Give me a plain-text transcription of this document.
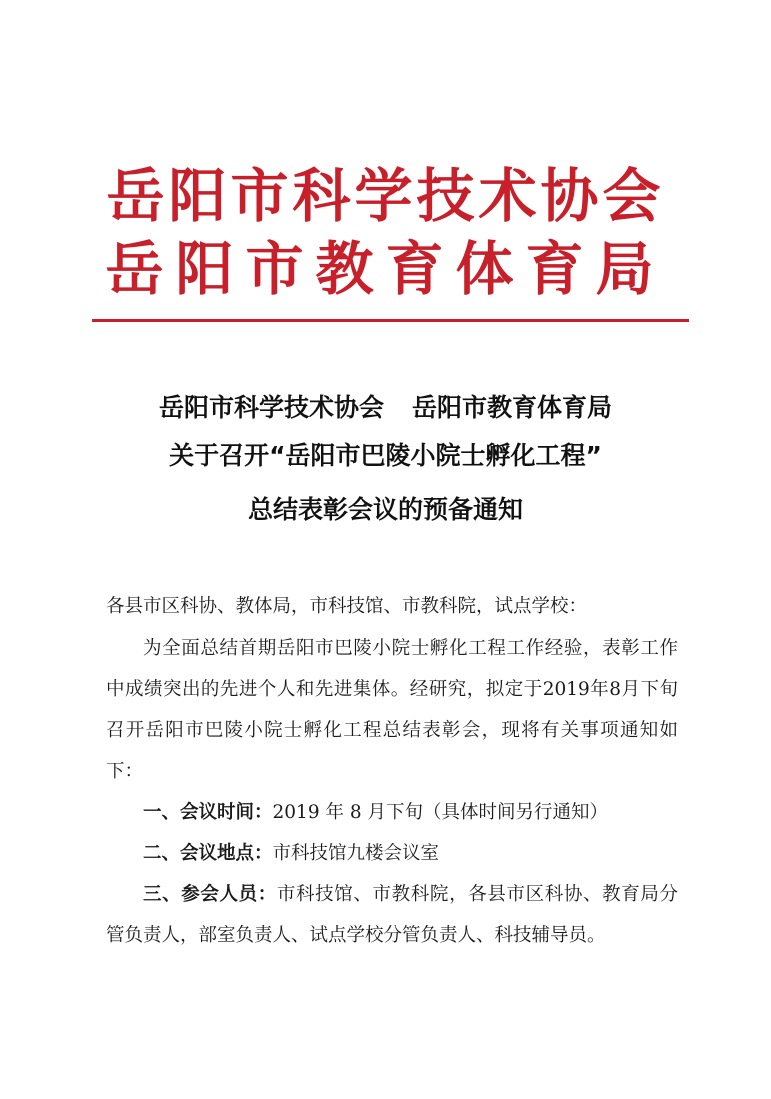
岳阳市科学技术协会
岳阳市教育体育局
岳阳市科学技术协会 岳阳市教育体育局
关于召开“岳阳市巴陵小院士孵化工程”
总结表彰会议的预备通知
各县市区科协、教体局，市科技馆、市教科院，试点学校：

为全面总结首期岳阳市巴陵小院士孵化工程工作经验，表彰工作中成绩突出的先进个人和先进集体。经研究，拟定于2019年8月下旬召开岳阳市巴陵小院士孵化工程总结表彰会，现将有关事项通知如下：

一、会议时间：2019 年 8 月下旬（具体时间另行通知）

二、会议地点：市科技馆九楼会议室

三、参会人员：市科技馆、市教科院，各县市区科协、教育局分管负责人，部室负责人、试点学校分管负责人、科技辅导员。
